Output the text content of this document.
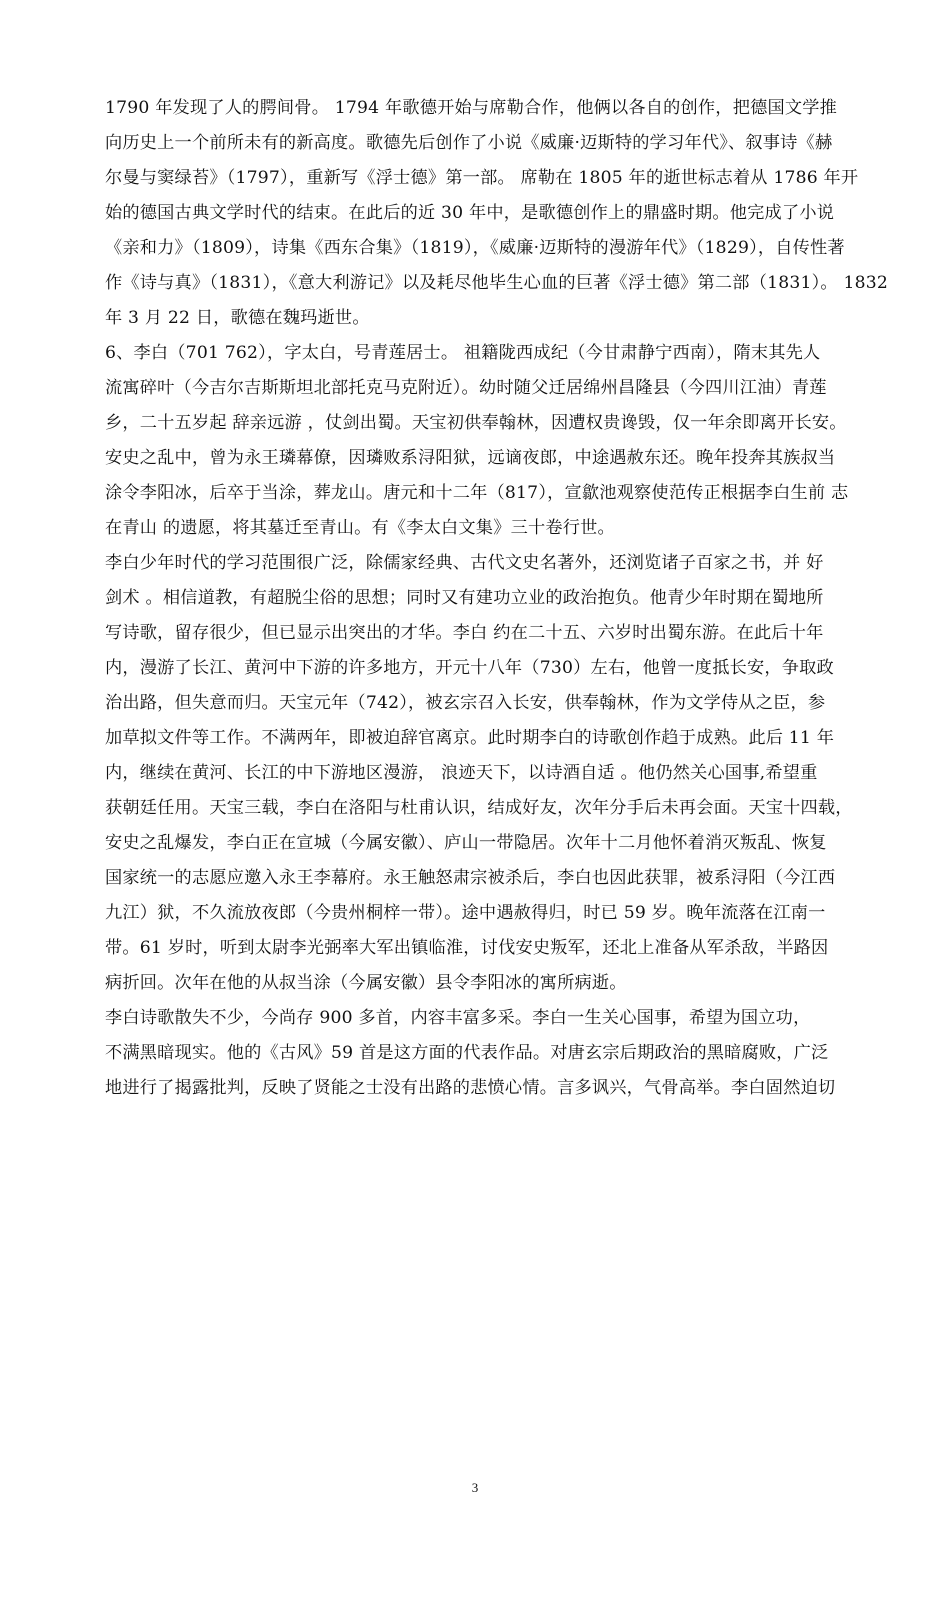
1790 年发现了人的腭间骨。 1794 年歌德开始与席勒合作，他俩以各自的创作，把德国文学推
向历史上一个前所未有的新高度。歌德先后创作了小说《威廉·迈斯特的学习年代》、叙事诗《赫
尔曼与窦绿苔》（1797），重新写《浮士德》第一部。 席勒在 1805 年的逝世标志着从 1786 年开
始的德国古典文学时代的结束。在此后的近 30 年中，是歌德创作上的鼎盛时期。他完成了小说
《亲和力》（1809），诗集《西东合集》（1819），《威廉·迈斯特的漫游年代》（1829），自传性著
作《诗与真》（1831），《意大利游记》以及耗尽他毕生心血的巨著《浮士德》第二部（1831）。 1832
年 3 月 22 日，歌德在魏玛逝世。
6、李白（701 762），字太白，号青莲居士。 祖籍陇西成纪（今甘肃静宁西南），隋末其先人
流寓碎叶（今吉尔吉斯斯坦北部托克马克附近）。幼时随父迁居绵州昌隆县（今四川江油）青莲
乡，二十五岁起 辞亲远游 ，仗剑出蜀。天宝初供奉翰林，因遭权贵谗毁，仅一年余即离开长安。
安史之乱中，曾为永王璘幕僚，因璘败系浔阳狱，远谪夜郎，中途遇赦东还。晚年投奔其族叔当
涂令李阳冰，后卒于当涂，葬龙山。唐元和十二年（817），宣歙池观察使范传正根据李白生前 志
在青山 的遗愿，将其墓迁至青山。有《李太白文集》三十卷行世。
李白少年时代的学习范围很广泛，除儒家经典、古代文史名著外，还浏览诸子百家之书，并 好
剑术 。相信道教，有超脱尘俗的思想；同时又有建功立业的政治抱负。他青少年时期在蜀地所
写诗歌，留存很少，但已显示出突出的才华。李白 约在二十五、六岁时出蜀东游。在此后十年
内，漫游了长江、黄河中下游的许多地方，开元十八年（730）左右，他曾一度抵长安，争取政
治出路，但失意而归。天宝元年（742），被玄宗召入长安，供奉翰林，作为文学侍从之臣，参
加草拟文件等工作。不满两年，即被迫辞官离京。此时期李白的诗歌创作趋于成熟。此后 11 年
内，继续在黄河、长江的中下游地区漫游， 浪迹天下，以诗酒自适 。他仍然关心国事,希望重
获朝廷任用。天宝三载，李白在洛阳与杜甫认识，结成好友，次年分手后未再会面。天宝十四载，
安史之乱爆发，李白正在宣城（今属安徽）、庐山一带隐居。次年十二月他怀着消灭叛乱、恢复
国家统一的志愿应邀入永王李幕府。永王触怒肃宗被杀后，李白也因此获罪，被系浔阳（今江西
九江）狱，不久流放夜郎（今贵州桐梓一带）。途中遇赦得归，时已 59 岁。晚年流落在江南一
带。61 岁时，听到太尉李光弼率大军出镇临淮，讨伐安史叛军，还北上准备从军杀敌，半路因
病折回。次年在他的从叔当涂（今属安徽）县令李阳冰的寓所病逝。
李白诗歌散失不少，今尚存 900 多首，内容丰富多采。李白一生关心国事，希望为国立功，
不满黑暗现实。他的《古风》59 首是这方面的代表作品。对唐玄宗后期政治的黑暗腐败，广泛
地进行了揭露批判，反映了贤能之士没有出路的悲愤心情。言多讽兴，气骨高举。李白固然迫切
3
